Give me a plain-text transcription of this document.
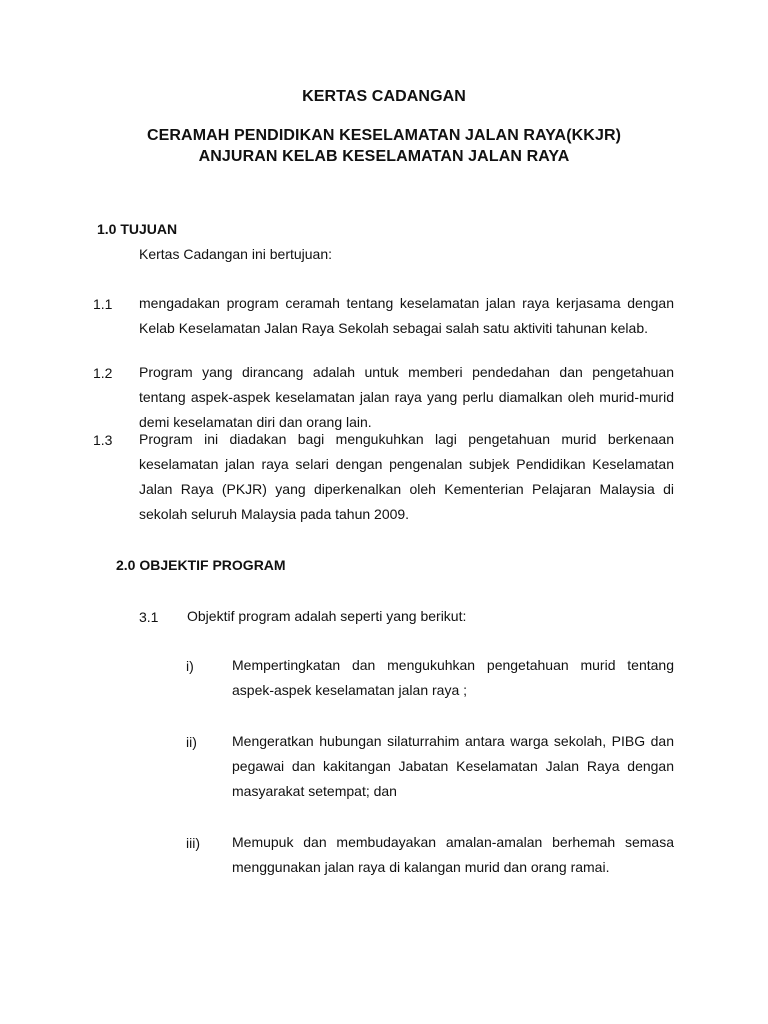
KERTAS CADANGAN
CERAMAH PENDIDIKAN KESELAMATAN JALAN RAYA(KKJR)
ANJURAN KELAB KESELAMATAN JALAN RAYA
1.0 TUJUAN
Kertas Cadangan ini bertujuan:
1.1 mengadakan program ceramah tentang keselamatan jalan raya kerjasama dengan Kelab Keselamatan Jalan Raya Sekolah sebagai salah satu aktiviti tahunan kelab.
1.2 Program yang dirancang adalah untuk memberi pendedahan dan pengetahuan tentang aspek-aspek keselamatan jalan raya yang perlu diamalkan oleh murid-murid demi keselamatan diri dan orang lain.
1.3 Program ini diadakan bagi mengukuhkan lagi pengetahuan murid berkenaan keselamatan jalan raya selari dengan pengenalan subjek Pendidikan Keselamatan Jalan Raya (PKJR) yang diperkenalkan oleh Kementerian Pelajaran Malaysia di sekolah seluruh Malaysia pada tahun 2009.
2.0 OBJEKTIF PROGRAM
3.1 Objektif program adalah seperti yang berikut:
i)	Mempertingkatan dan mengukuhkan pengetahuan murid tentang aspek-aspek keselamatan jalan raya ;
ii)	Mengeratkan hubungan silaturrahim antara warga sekolah, PIBG dan pegawai dan kakitangan Jabatan Keselamatan Jalan Raya dengan masyarakat setempat; dan
iii) Memupuk dan membudayakan amalan-amalan berhemah semasa menggunakan jalan raya di kalangan murid dan orang ramai.
